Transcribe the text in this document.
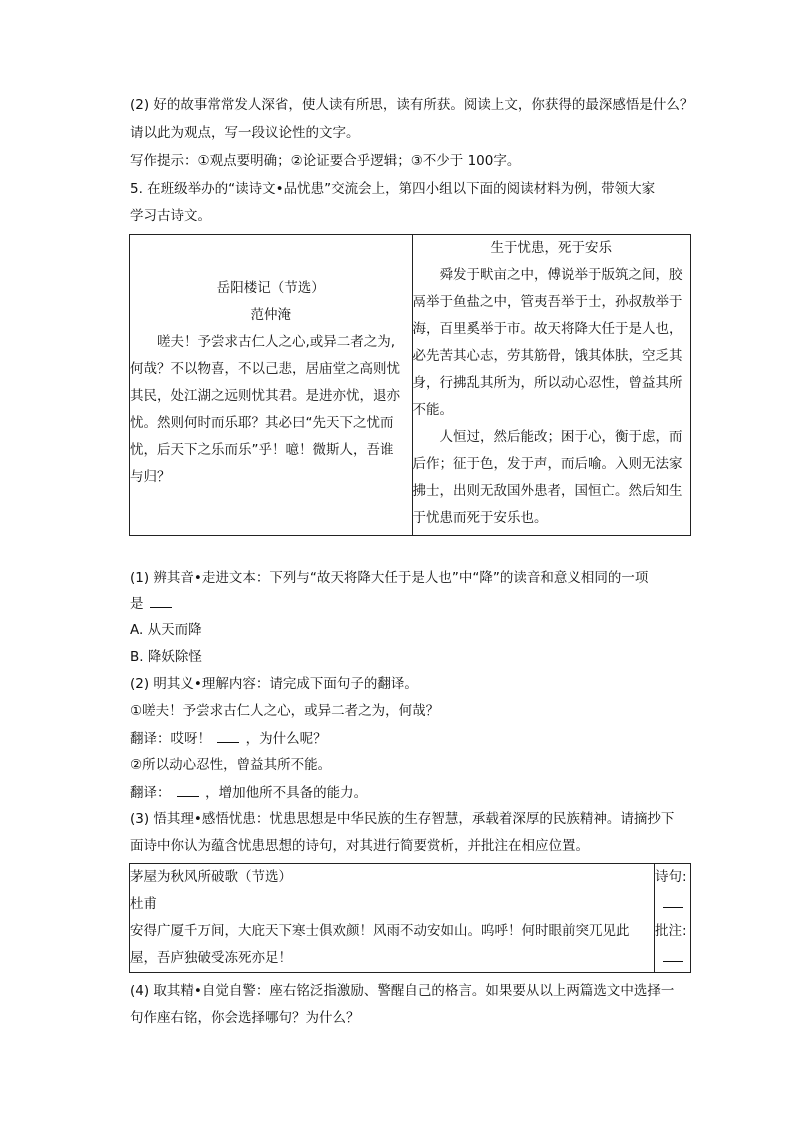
(2) 好的故事常常发人深省，使人读有所思，读有所获。阅读上文，你获得的最深感悟是什么？
请以此为观点，写一段议论性的文字。
写作提示：①观点要明确；②论证要合乎逻辑；③不少于 100字。
5. 在班级举办的“读诗文•品忧患”交流会上，第四小组以下面的阅读材料为例，带领大家
学习古诗文。

岳阳楼记（节选）

范仲淹

嗟夫！予尝求古仁人之心,或异二者之为,

何哉？不以物喜，不以己悲，居庙堂之高则忧

其民，处江湖之远则忧其君。是进亦忧，退亦

忧。然则何时而乐耶？其必曰“先天下之忧而

忧，后天下之乐而乐”乎！噫！微斯人，吾谁

与归？

生于忧患，死于安乐

舜发于畎亩之中，傅说举于版筑之间，胶

鬲举于鱼盐之中，管夷吾举于士，孙叔敖举于

海，百里奚举于市。故天将降大任于是人也，

必先苦其心志，劳其筋骨，饿其体肤，空乏其

身，行拂乱其所为，所以动心忍性，曾益其所

不能。

人恒过，然后能改；困于心，衡于虑，而

后作；征于色，发于声，而后喻。入则无法家

拂士，出则无敌国外患者，国恒亡。然后知生

于忧患而死于安乐也。

(1) 辨其音•走进文本：下列与“故天将降大任于是人也”中“降”的读音和意义相同的一项
是
A. 从天而降
B. 降妖除怪
(2) 明其义•理解内容：请完成下面句子的翻译。
①嗟夫！予尝求古仁人之心，或异二者之为，何哉？
翻译：哎呀！	，为什么呢？
②所以动心忍性，曾益其所不能。
翻译：	，增加他所不具备的能力。
(3) 悟其理•感悟忧患：忧患思想是中华民族的生存智慧，承载着深厚的民族精神。请摘抄下
面诗中你认为蕴含忧患思想的诗句，对其进行简要赏析，并批注在相应位置。

茅屋为秋风所破歌（节选）

杜甫

安得广厦千万间，大庇天下寒士俱欢颜！风雨不动安如山。呜呼！何时眼前突兀见此

屋，吾庐独破受冻死亦足！

诗句:

批注:

(4) 取其精•自觉自警：座右铭泛指激励、警醒自己的格言。如果要从以上两篇选文中选择一
句作座右铭，你会选择哪句？为什么？
